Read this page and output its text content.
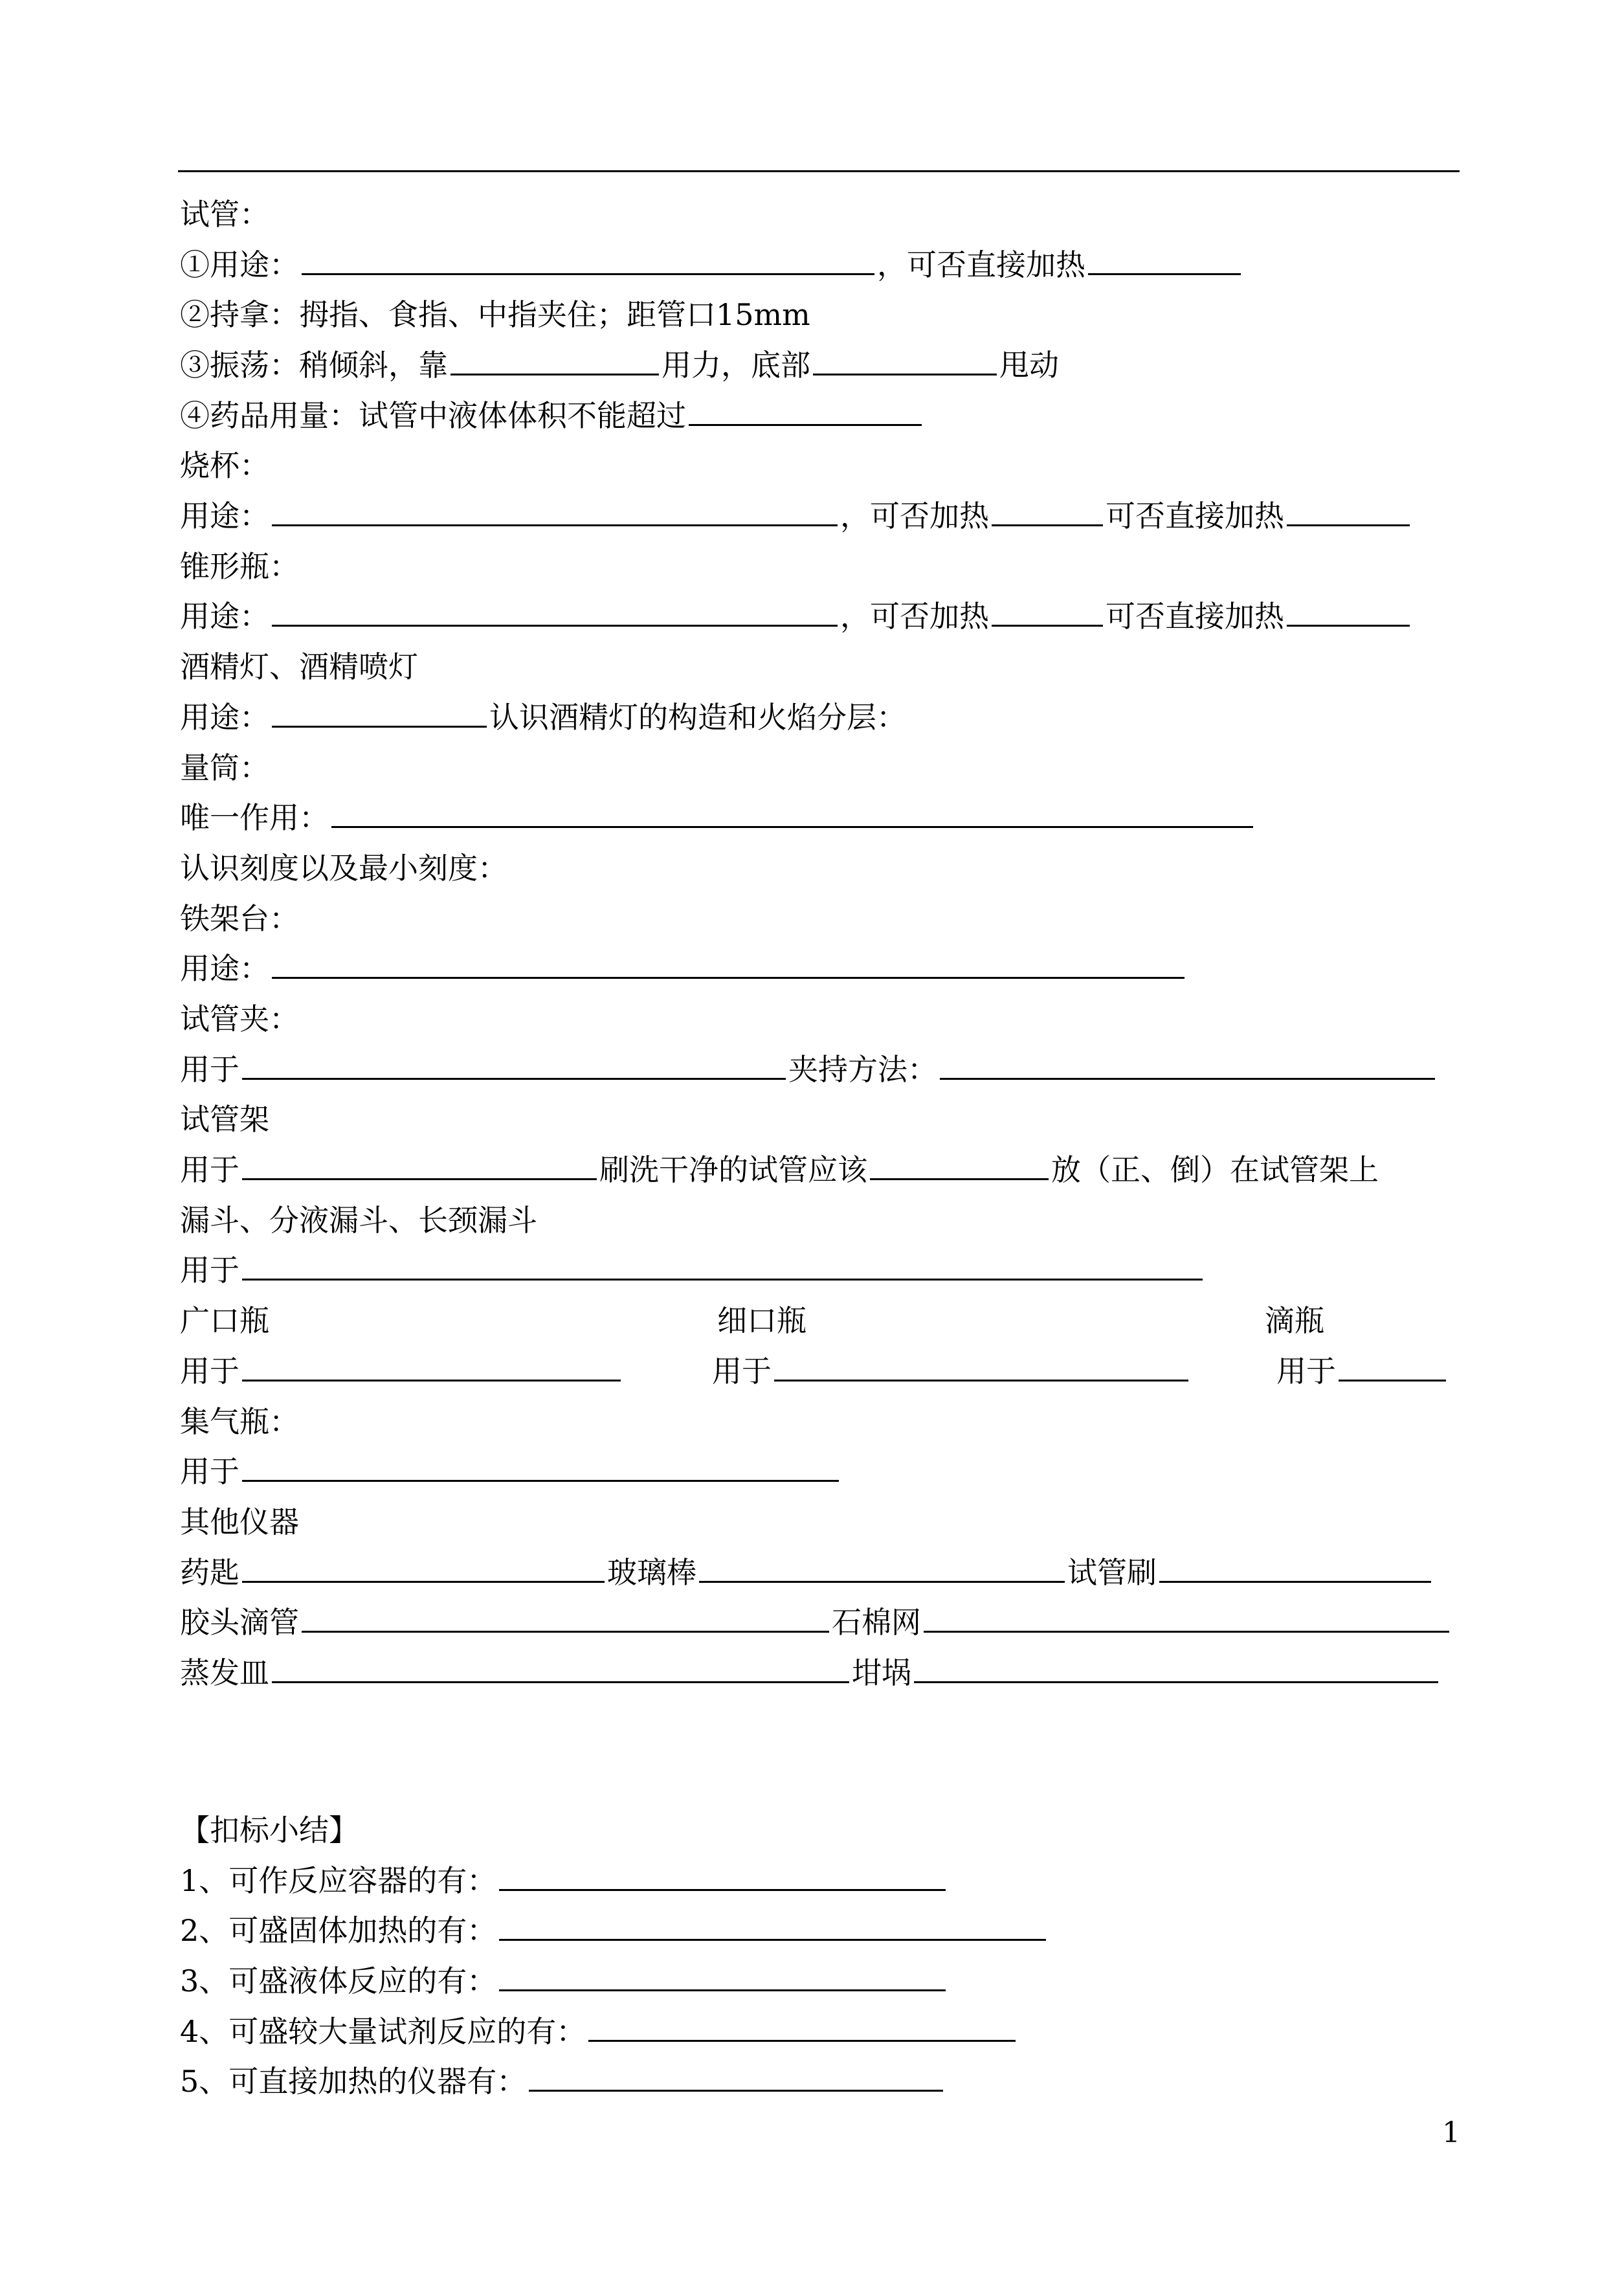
试管：
①用途：	，可否直接加热
②持拿：拇指、食指、中指夹住；距管口15mm
③振荡：稍倾斜，靠	用力，底部	甩动
④药品用量：试管中液体体积不能超过
烧杯：
用途：	，可否加热	可否直接加热
锥形瓶：
用途：	，可否加热	可否直接加热
酒精灯、酒精喷灯
用途：	认识酒精灯的构造和火焰分层：
量筒：
唯一作用：
认识刻度以及最小刻度：
铁架台：
用途：
试管夹：
用于	夹持方法：
试管架
用于	刷洗干净的试管应该	放（正、倒）在试管架上
漏斗、分液漏斗、长颈漏斗
用于
广口瓶	细口瓶	滴瓶
用于	用于	用于
集气瓶：
用于
其他仪器
药匙	玻璃棒	试管刷
胶头滴管	石棉网
蒸发皿	坩埚
【扣标小结】
1、可作反应容器的有：
2、可盛固体加热的有：
3、可盛液体反应的有：
4、可盛较大量试剂反应的有：
5、可直接加热的仪器有：
1
